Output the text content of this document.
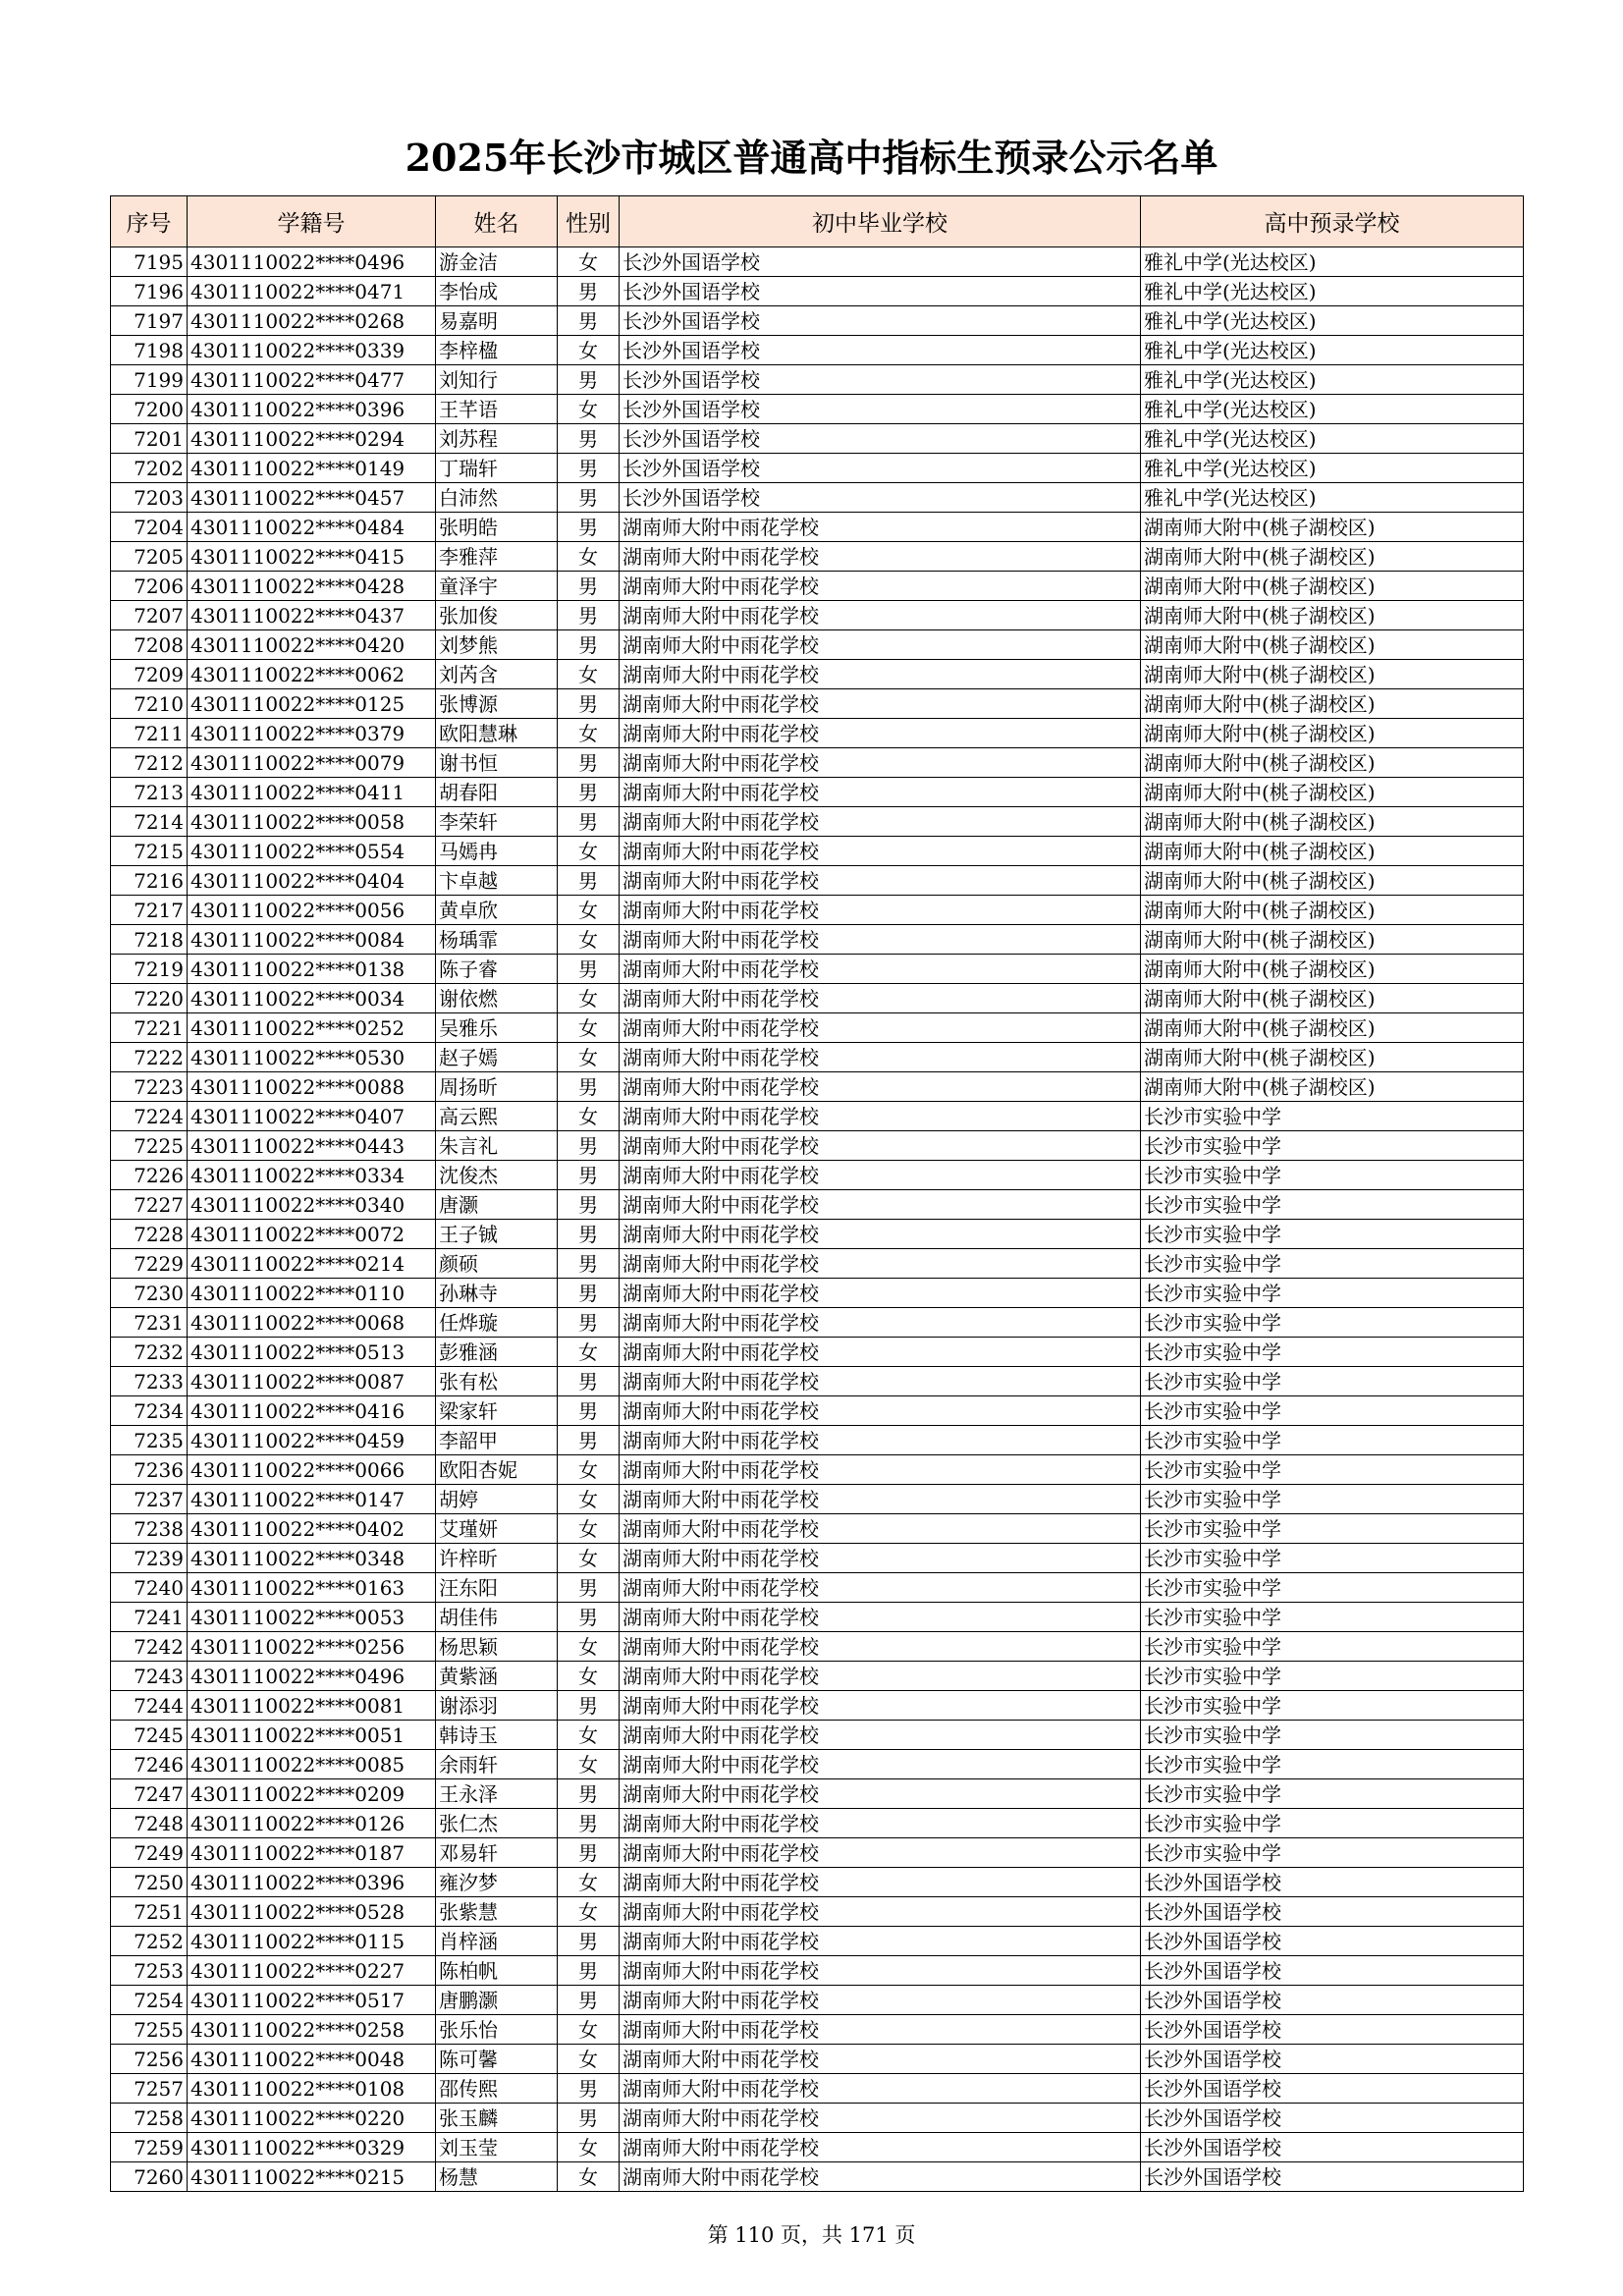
2025年长沙市城区普通高中指标生预录公示名单
序号	学籍号	姓名	性别	初中毕业学校	高中预录学校
7195	4301110022****0496	游金洁	女	长沙外国语学校	雅礼中学(光达校区)
7196	4301110022****0471	李怡成	男	长沙外国语学校	雅礼中学(光达校区)
7197	4301110022****0268	易嘉明	男	长沙外国语学校	雅礼中学(光达校区)
7198	4301110022****0339	李梓楹	女	长沙外国语学校	雅礼中学(光达校区)
7199	4301110022****0477	刘知行	男	长沙外国语学校	雅礼中学(光达校区)
7200	4301110022****0396	王芊语	女	长沙外国语学校	雅礼中学(光达校区)
7201	4301110022****0294	刘苏程	男	长沙外国语学校	雅礼中学(光达校区)
7202	4301110022****0149	丁瑞轩	男	长沙外国语学校	雅礼中学(光达校区)
7203	4301110022****0457	白沛然	男	长沙外国语学校	雅礼中学(光达校区)
7204	4301110022****0484	张明皓	男	湖南师大附中雨花学校	湖南师大附中(桃子湖校区)
7205	4301110022****0415	李雅萍	女	湖南师大附中雨花学校	湖南师大附中(桃子湖校区)
7206	4301110022****0428	童泽宇	男	湖南师大附中雨花学校	湖南师大附中(桃子湖校区)
7207	4301110022****0437	张加俊	男	湖南师大附中雨花学校	湖南师大附中(桃子湖校区)
7208	4301110022****0420	刘梦熊	男	湖南师大附中雨花学校	湖南师大附中(桃子湖校区)
7209	4301110022****0062	刘芮含	女	湖南师大附中雨花学校	湖南师大附中(桃子湖校区)
7210	4301110022****0125	张博源	男	湖南师大附中雨花学校	湖南师大附中(桃子湖校区)
7211	4301110022****0379	欧阳慧琳	女	湖南师大附中雨花学校	湖南师大附中(桃子湖校区)
7212	4301110022****0079	谢书恒	男	湖南师大附中雨花学校	湖南师大附中(桃子湖校区)
7213	4301110022****0411	胡春阳	男	湖南师大附中雨花学校	湖南师大附中(桃子湖校区)
7214	4301110022****0058	李荣轩	男	湖南师大附中雨花学校	湖南师大附中(桃子湖校区)
7215	4301110022****0554	马嫣冉	女	湖南师大附中雨花学校	湖南师大附中(桃子湖校区)
7216	4301110022****0404	卞卓越	男	湖南师大附中雨花学校	湖南师大附中(桃子湖校区)
7217	4301110022****0056	黄卓欣	女	湖南师大附中雨花学校	湖南师大附中(桃子湖校区)
7218	4301110022****0084	杨瑀霏	女	湖南师大附中雨花学校	湖南师大附中(桃子湖校区)
7219	4301110022****0138	陈子睿	男	湖南师大附中雨花学校	湖南师大附中(桃子湖校区)
7220	4301110022****0034	谢依燃	女	湖南师大附中雨花学校	湖南师大附中(桃子湖校区)
7221	4301110022****0252	吴雅乐	女	湖南师大附中雨花学校	湖南师大附中(桃子湖校区)
7222	4301110022****0530	赵子嫣	女	湖南师大附中雨花学校	湖南师大附中(桃子湖校区)
7223	4301110022****0088	周扬昕	男	湖南师大附中雨花学校	湖南师大附中(桃子湖校区)
7224	4301110022****0407	高云熙	女	湖南师大附中雨花学校	长沙市实验中学
7225	4301110022****0443	朱言礼	男	湖南师大附中雨花学校	长沙市实验中学
7226	4301110022****0334	沈俊杰	男	湖南师大附中雨花学校	长沙市实验中学
7227	4301110022****0340	唐灏	男	湖南师大附中雨花学校	长沙市实验中学
7228	4301110022****0072	王子铖	男	湖南师大附中雨花学校	长沙市实验中学
7229	4301110022****0214	颜硕	男	湖南师大附中雨花学校	长沙市实验中学
7230	4301110022****0110	孙琳寺	男	湖南师大附中雨花学校	长沙市实验中学
7231	4301110022****0068	任烨璇	男	湖南师大附中雨花学校	长沙市实验中学
7232	4301110022****0513	彭雅涵	女	湖南师大附中雨花学校	长沙市实验中学
7233	4301110022****0087	张有松	男	湖南师大附中雨花学校	长沙市实验中学
7234	4301110022****0416	梁家轩	男	湖南师大附中雨花学校	长沙市实验中学
7235	4301110022****0459	李韶甲	男	湖南师大附中雨花学校	长沙市实验中学
7236	4301110022****0066	欧阳杏妮	女	湖南师大附中雨花学校	长沙市实验中学
7237	4301110022****0147	胡婷	女	湖南师大附中雨花学校	长沙市实验中学
7238	4301110022****0402	艾瑾妍	女	湖南师大附中雨花学校	长沙市实验中学
7239	4301110022****0348	许梓昕	女	湖南师大附中雨花学校	长沙市实验中学
7240	4301110022****0163	汪东阳	男	湖南师大附中雨花学校	长沙市实验中学
7241	4301110022****0053	胡佳伟	男	湖南师大附中雨花学校	长沙市实验中学
7242	4301110022****0256	杨思颖	女	湖南师大附中雨花学校	长沙市实验中学
7243	4301110022****0496	黄紫涵	女	湖南师大附中雨花学校	长沙市实验中学
7244	4301110022****0081	谢添羽	男	湖南师大附中雨花学校	长沙市实验中学
7245	4301110022****0051	韩诗玉	女	湖南师大附中雨花学校	长沙市实验中学
7246	4301110022****0085	余雨轩	女	湖南师大附中雨花学校	长沙市实验中学
7247	4301110022****0209	王永泽	男	湖南师大附中雨花学校	长沙市实验中学
7248	4301110022****0126	张仁杰	男	湖南师大附中雨花学校	长沙市实验中学
7249	4301110022****0187	邓易轩	男	湖南师大附中雨花学校	长沙市实验中学
7250	4301110022****0396	雍汐梦	女	湖南师大附中雨花学校	长沙外国语学校
7251	4301110022****0528	张紫慧	女	湖南师大附中雨花学校	长沙外国语学校
7252	4301110022****0115	肖梓涵	男	湖南师大附中雨花学校	长沙外国语学校
7253	4301110022****0227	陈柏帆	男	湖南师大附中雨花学校	长沙外国语学校
7254	4301110022****0517	唐鹏灏	男	湖南师大附中雨花学校	长沙外国语学校
7255	4301110022****0258	张乐怡	女	湖南师大附中雨花学校	长沙外国语学校
7256	4301110022****0048	陈可馨	女	湖南师大附中雨花学校	长沙外国语学校
7257	4301110022****0108	邵传熙	男	湖南师大附中雨花学校	长沙外国语学校
7258	4301110022****0220	张玉麟	男	湖南师大附中雨花学校	长沙外国语学校
7259	4301110022****0329	刘玉莹	女	湖南师大附中雨花学校	长沙外国语学校
7260	4301110022****0215	杨慧	女	湖南师大附中雨花学校	长沙外国语学校
第 110 页，共 171 页
